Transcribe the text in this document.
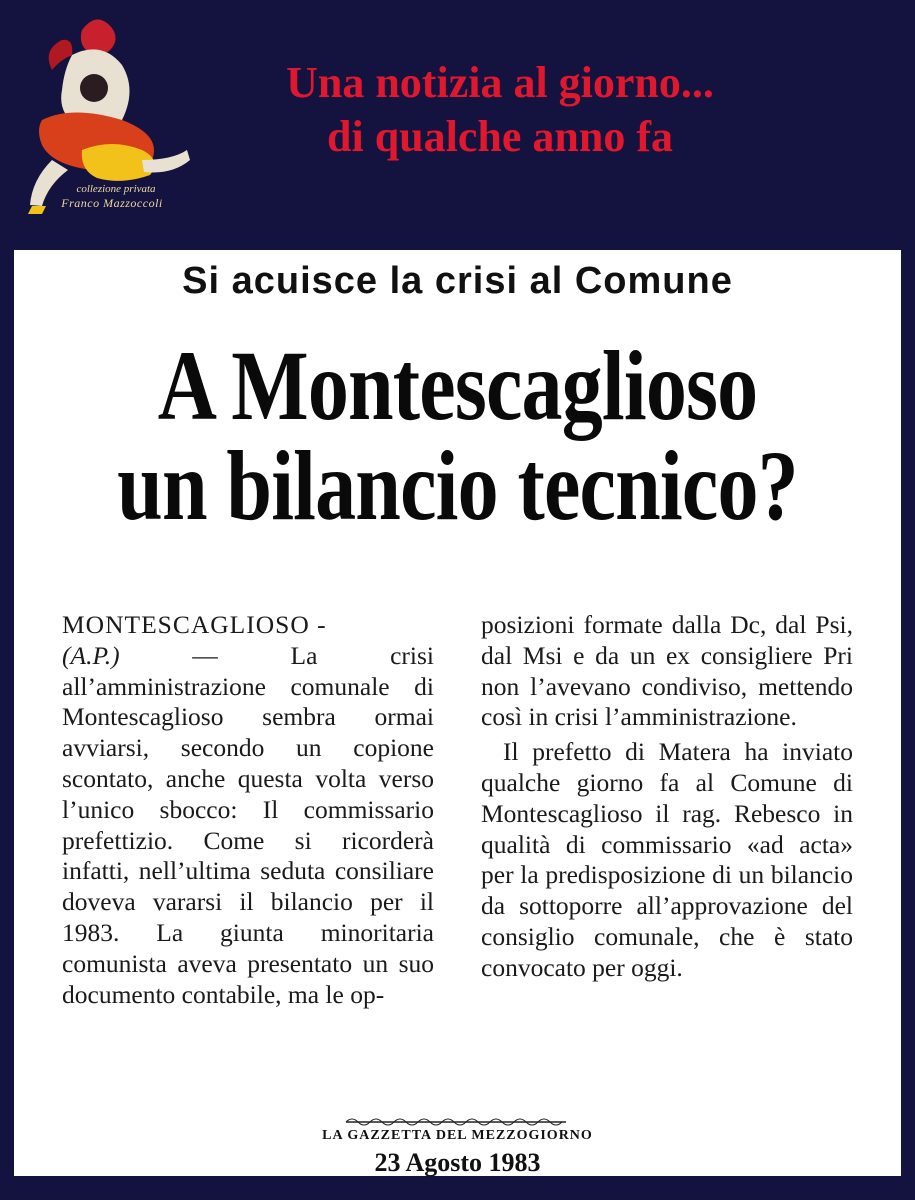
collezione privata
Franco Mazzoccoli
Una notizia al giorno...
di qualche anno fa
Si acuisce la crisi al Comune
A Montescaglioso
un bilancio tecnico?

MONTESCAGLIOSO -
(A.P.) — La crisi all’amministrazione comunale di Montescaglioso sembra ormai avviarsi, secondo un copione scontato, anche questa volta verso l’unico sbocco: Il commissario prefettizio. Come si ricorderà infatti, nell’ultima seduta consiliare doveva vararsi il bilancio per il 1983. La giunta minoritaria comunista aveva presentato un suo documento contabile, ma le op-

posizioni formate dalla Dc, dal Psi, dal Msi e da un ex consigliere Pri non l’avevano condiviso, mettendo così in crisi l’amministrazione.

Il prefetto di Matera ha inviato qualche giorno fa al Comune di Montescaglioso il rag. Rebesco in qualità di commissario «ad acta» per la predisposizione di un bilancio da sottoporre all’approvazione del consiglio comunale, che è stato convocato per oggi.

LA GAZZETTA DEL MEZZOGIORNO
23 Agosto 1983
